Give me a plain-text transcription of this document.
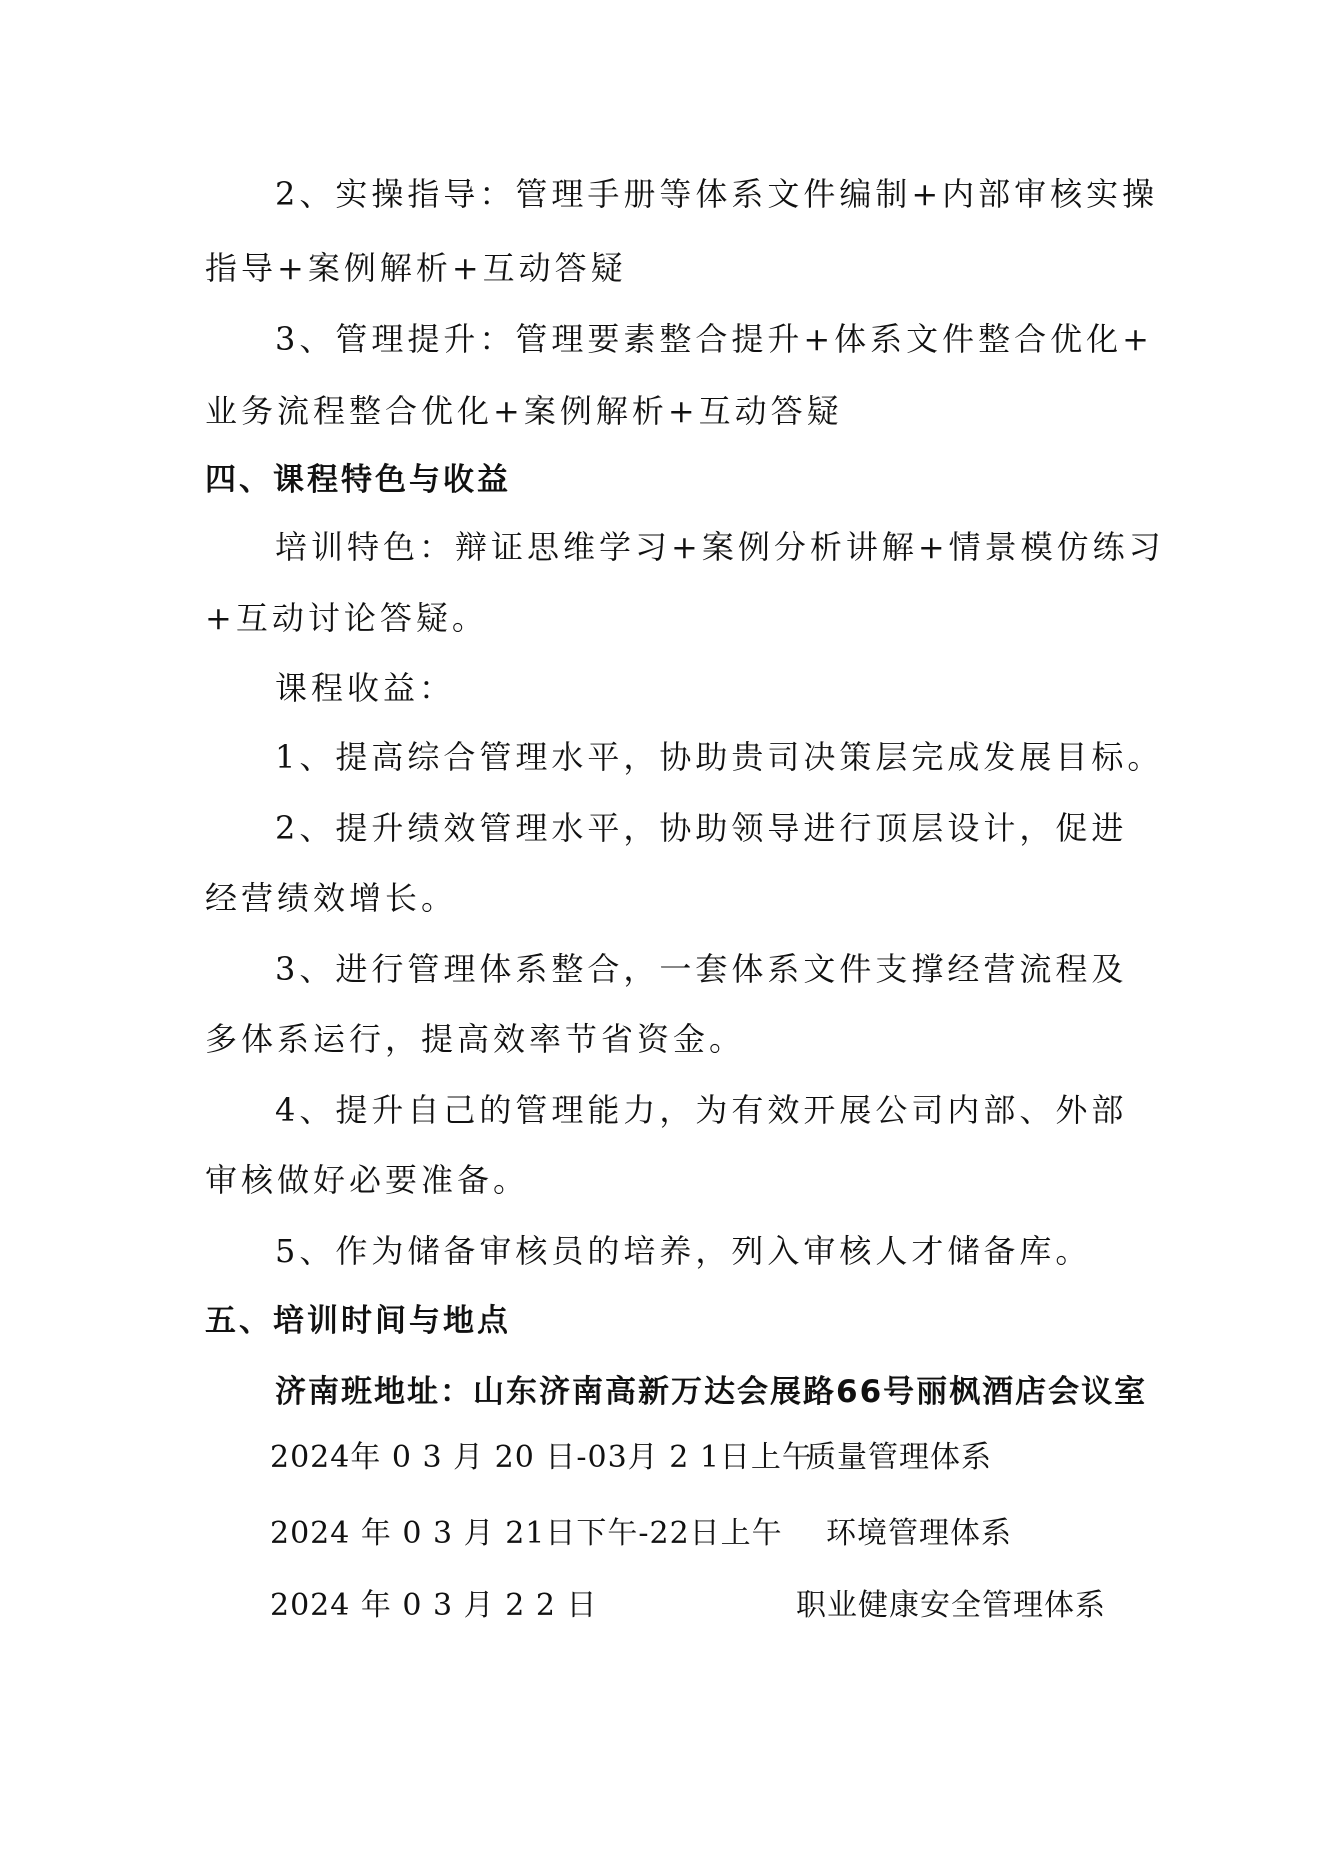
2、实操指导：管理手册等体系文件编制+内部审核实操
指导+案例解析+互动答疑
3、管理提升：管理要素整合提升+体系文件整合优化+
业务流程整合优化+案例解析+互动答疑
四、课程特色与收益
培训特色：辩证思维学习+案例分析讲解+情景模仿练习
+互动讨论答疑。
课程收益：
1、提高综合管理水平，协助贵司决策层完成发展目标。
2、提升绩效管理水平，协助领导进行顶层设计，促进
经营绩效增长。
3、进行管理体系整合，一套体系文件支撑经营流程及
多体系运行，提高效率节省资金。
4、提升自己的管理能力，为有效开展公司内部、外部
审核做好必要准备。
5、作为储备审核员的培养，列入审核人才储备库。
五、培训时间与地点
济南班地址：山东济南高新万达会展路66号丽枫酒店会议室
2024年 0 3 月 20 日-03月 2 1日上午
质量管理体系
2024 年 0 3 月 21日下午-22日上午 环境管理体系
2024 年 0 3 月 2 2 日	职业健康安全管理体系
